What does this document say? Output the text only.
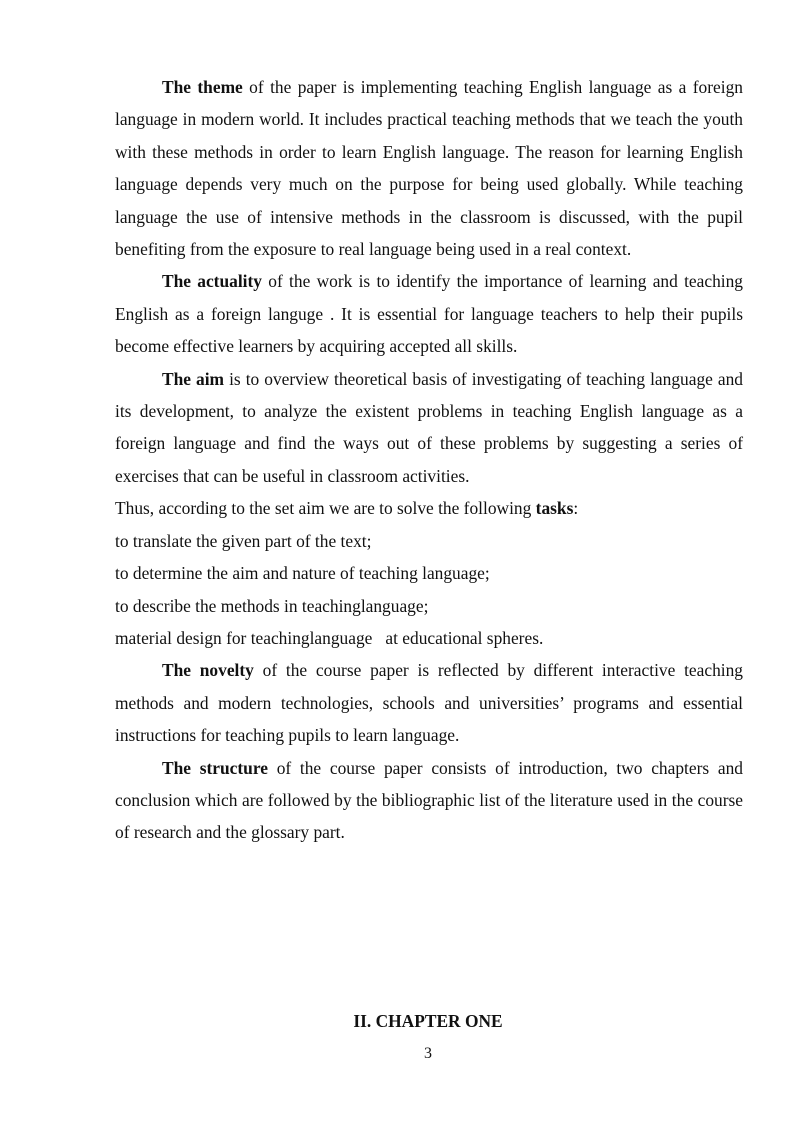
The theme of the paper is implementing teaching English language as a foreign language in modern world. It includes practical teaching methods that we teach the youth with these methods in order to learn English language. The reason for learning English language depends very much on the purpose for being used globally. While teaching language the use of intensive methods in the classroom is discussed, with the pupil benefiting from the exposure to real language being used in a real context.

The actuality of the work is to identify the importance of learning and teaching English as a foreign languge . It is essential for language teachers to help their pupils become effective learners by acquiring accepted all skills.

The aim is to overview theoretical basis of investigating of teaching language and its development, to analyze the existent problems in teaching English language as a foreign language and find the ways out of these problems by suggesting a series of exercises that can be useful in classroom activities.

Thus, according to the set aim we are to solve the following tasks:

to translate the given part of the text;

to determine the aim and nature of teaching language;

to describe the methods in teachinglanguage;

material design for teachinglanguage   at educational spheres.

The novelty of the course paper is reflected by different interactive teaching methods and modern technologies, schools and universities’ programs and essential instructions for teaching pupils to learn language.

The structure of the course paper consists of introduction, two chapters and conclusion which are followed by the bibliographic list of the literature used in the course of research and the glossary part.

II. CHAPTER ONE
3
